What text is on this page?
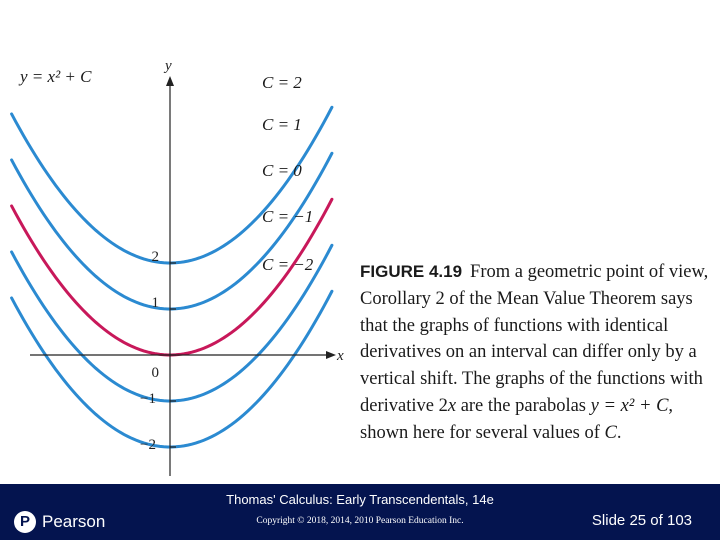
2
1
0
−1
−2
x
y
y = x² + C	C = 2
C = 1
C = 0
C = −1
C = −2	FIGURE 4.19 From a geometric point of view, Corollary 2 of the Mean Value Theorem says that the graphs of functions with identical derivatives on an interval can differ only by a vertical shift. The graphs of the functions with derivative 2x are the parabolas y = x² + C, shown here for several values of C.
P Pearson
Thomas' Calculus: Early Transcendentals, 14e
Copyright © 2018, 2014, 2010 Pearson Education Inc.	Slide 25 of 103
